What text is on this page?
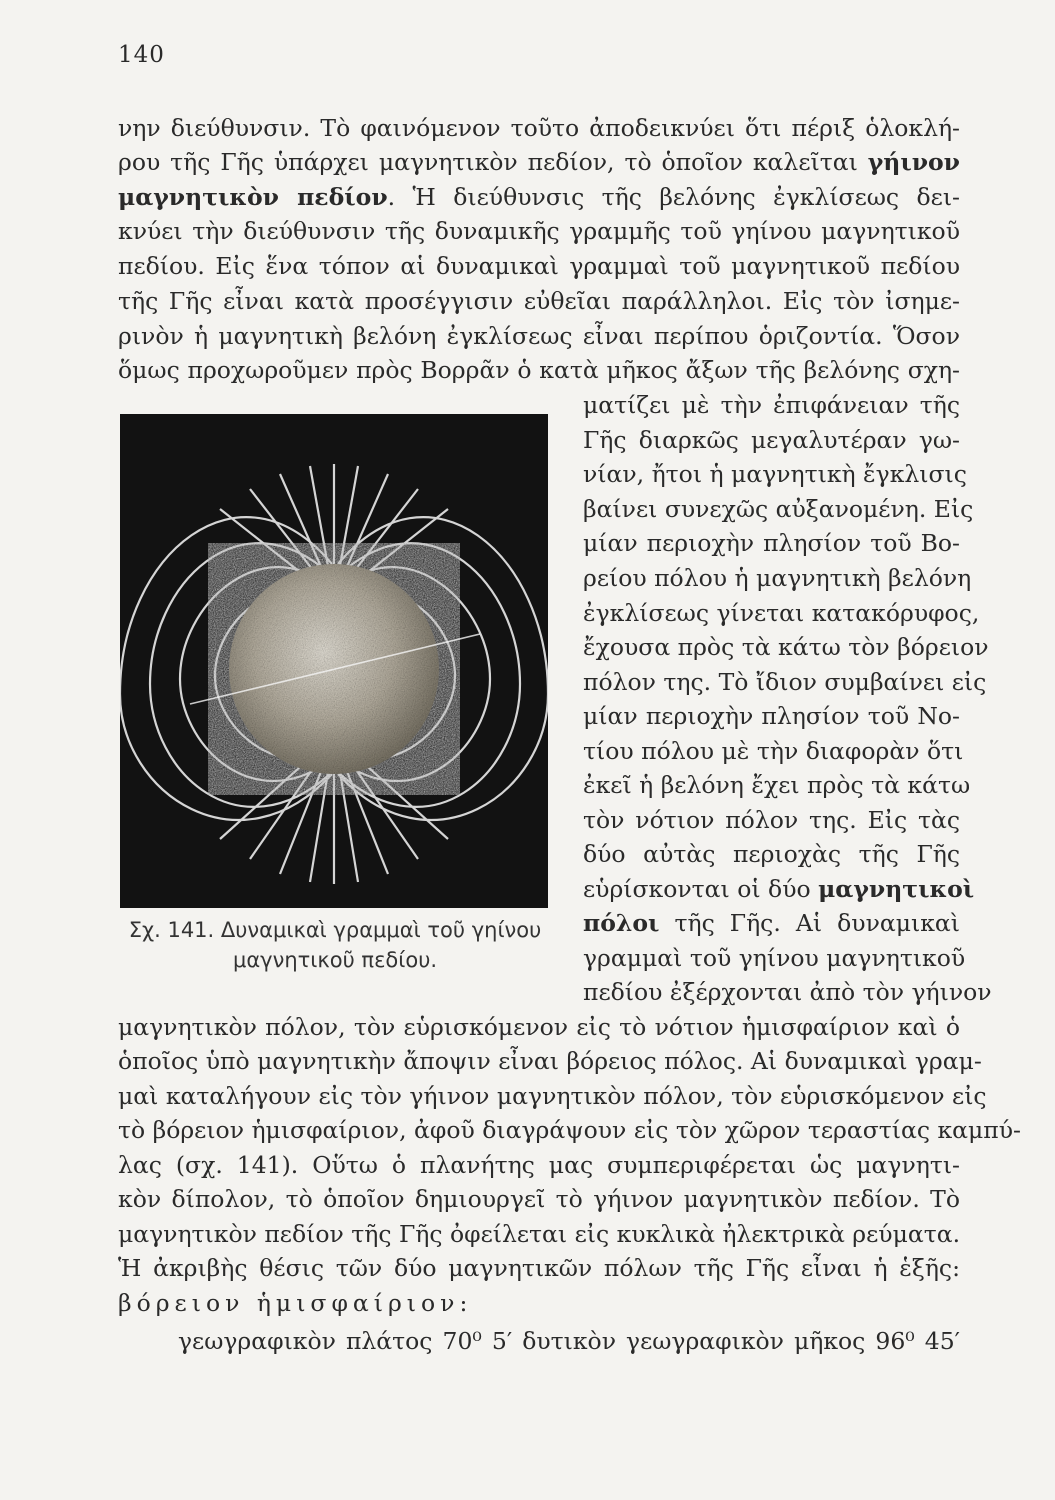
140
νην διεύθυνσιν. Τὸ φαινόμενον τοῦτο ἀποδεικνύει ὅτι πέριξ ὁλοκλή-
ρου τῆς Γῆς ὑπάρχει μαγνητικὸν πεδίον, τὸ ὁποῖον καλεῖται γήινον
μαγνητικὸν πεδίον. Ἡ διεύθυνσις τῆς βελόνης ἐγκλίσεως δει-
κνύει τὴν διεύθυνσιν τῆς δυναμικῆς γραμμῆς τοῦ γηίνου μαγνητικοῦ
πεδίου. Εἰς ἕνα τόπον αἱ δυναμικαὶ γραμμαὶ τοῦ μαγνητικοῦ πεδίου
τῆς Γῆς εἶναι κατὰ προσέγγισιν εὐθεῖαι παράλληλοι. Εἰς τὸν ἰσημε-
ρινὸν ἡ μαγνητικὴ βελόνη ἐγκλίσεως εἶναι περίπου ὁριζοντία. Ὅσον
ὅμως προχωροῦμεν πρὸς Βορρᾶν ὁ κατὰ μῆκος ἄξων τῆς βελόνης σχη-
Σχ. 141. Δυναμικαὶ γραμμαὶ τοῦ γηίνου
μαγνητικοῦ πεδίου.
ματίζει μὲ τὴν ἐπιφάνειαν τῆς
Γῆς διαρκῶς μεγαλυτέραν γω-
νίαν, ἤτοι ἡ μαγνητικὴ ἔγκλισις
βαίνει συνεχῶς αὐξανομένη. Εἰς
μίαν περιοχὴν πλησίον τοῦ Βο-
ρείου πόλου ἡ μαγνητικὴ βελόνη
ἐγκλίσεως γίνεται κατακόρυφος,
ἔχουσα πρὸς τὰ κάτω τὸν βόρειον
πόλον της. Τὸ ἴδιον συμβαίνει εἰς
μίαν περιοχὴν πλησίον τοῦ Νο-
τίου πόλου μὲ τὴν διαφορὰν ὅτι
ἐκεῖ ἡ βελόνη ἔχει πρὸς τὰ κάτω
τὸν νότιον πόλον της. Εἰς τὰς
δύο αὐτὰς περιοχὰς τῆς Γῆς
εὑρίσκονται οἱ δύο μαγνητικοὶ
πόλοι τῆς Γῆς. Αἱ δυναμικαὶ
γραμμαὶ τοῦ γηίνου μαγνητικοῦ
πεδίου ἐξέρχονται ἀπὸ τὸν γήινον
μαγνητικὸν πόλον, τὸν εὑρισκόμενον εἰς τὸ νότιον ἡμισφαίριον καὶ ὁ
ὁποῖος ὑπὸ μαγνητικὴν ἄποψιν εἶναι βόρειος πόλος. Αἱ δυναμικαὶ γραμ-
μαὶ καταλήγουν εἰς τὸν γήινον μαγνητικὸν πόλον, τὸν εὑρισκόμενον εἰς
τὸ βόρειον ἡμισφαίριον, ἀφοῦ διαγράψουν εἰς τὸν χῶρον τεραστίας καμπύ-
λας (σχ. 141). Οὕτω ὁ πλανήτης μας συμπεριφέρεται ὡς μαγνητι-
κὸν δίπολον, τὸ ὁποῖον δημιουργεῖ τὸ γήινον μαγνητικὸν πεδίον. Τὸ
μαγνητικὸν πεδίον τῆς Γῆς ὀφείλεται εἰς κυκλικὰ ἠλεκτρικὰ ρεύματα.
Ἡ ἀκριβὴς θέσις τῶν δύο μαγνητικῶν πόλων τῆς Γῆς εἶναι ἡ ἑξῆς:
βόρειον ἡμισφαίριον:
γεωγραφικὸν πλάτος 70⁰ 5′ δυτικὸν γεωγραφικὸν μῆκος 96⁰ 45′
